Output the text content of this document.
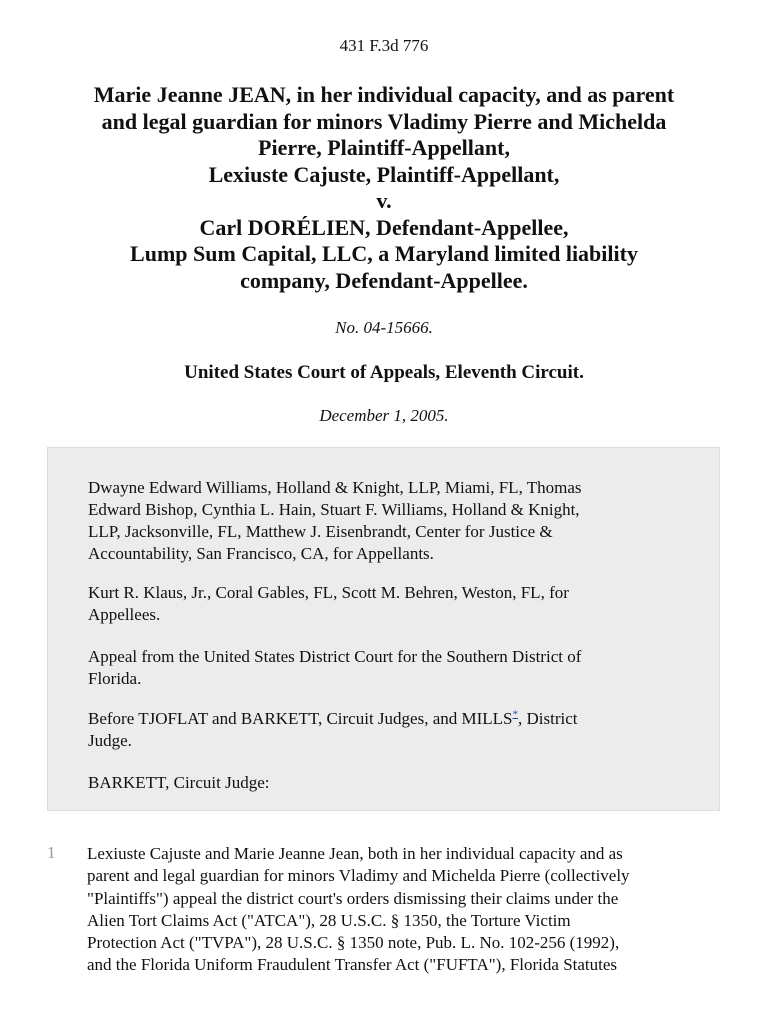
431 F.3d 776
Marie Jeanne JEAN, in her individual capacity, and as parent
and legal guardian for minors Vladimy Pierre and Michelda
Pierre, Plaintiff-Appellant,
Lexiuste Cajuste, Plaintiff-Appellant,
v.
Carl DORÉLIEN, Defendant-Appellee,
Lump Sum Capital, LLC, a Maryland limited liability
company, Defendant-Appellee.
No. 04-15666.
United States Court of Appeals, Eleventh Circuit.
December 1, 2005.
Dwayne Edward Williams, Holland & Knight, LLP, Miami, FL, Thomas
Edward Bishop, Cynthia L. Hain, Stuart F. Williams, Holland & Knight,
LLP, Jacksonville, FL, Matthew J. Eisenbrandt, Center for Justice &
Accountability, San Francisco, CA, for Appellants.
Kurt R. Klaus, Jr., Coral Gables, FL, Scott M. Behren, Weston, FL, for
Appellees.
Appeal from the United States District Court for the Southern District of
Florida.
Before TJOFLAT and BARKETT, Circuit Judges, and MILLS*, District
Judge.
BARKETT, Circuit Judge:
1 Lexiuste Cajuste and Marie Jeanne Jean, both in her individual capacity and as
parent and legal guardian for minors Vladimy and Michelda Pierre (collectively
"Plaintiffs") appeal the district court's orders dismissing their claims under the
Alien Tort Claims Act ("ATCA"), 28 U.S.C. § 1350, the Torture Victim
Protection Act ("TVPA"), 28 U.S.C. § 1350 note, Pub. L. No. 102-256 (1992),
and the Florida Uniform Fraudulent Transfer Act ("FUFTA"), Florida Statutes
